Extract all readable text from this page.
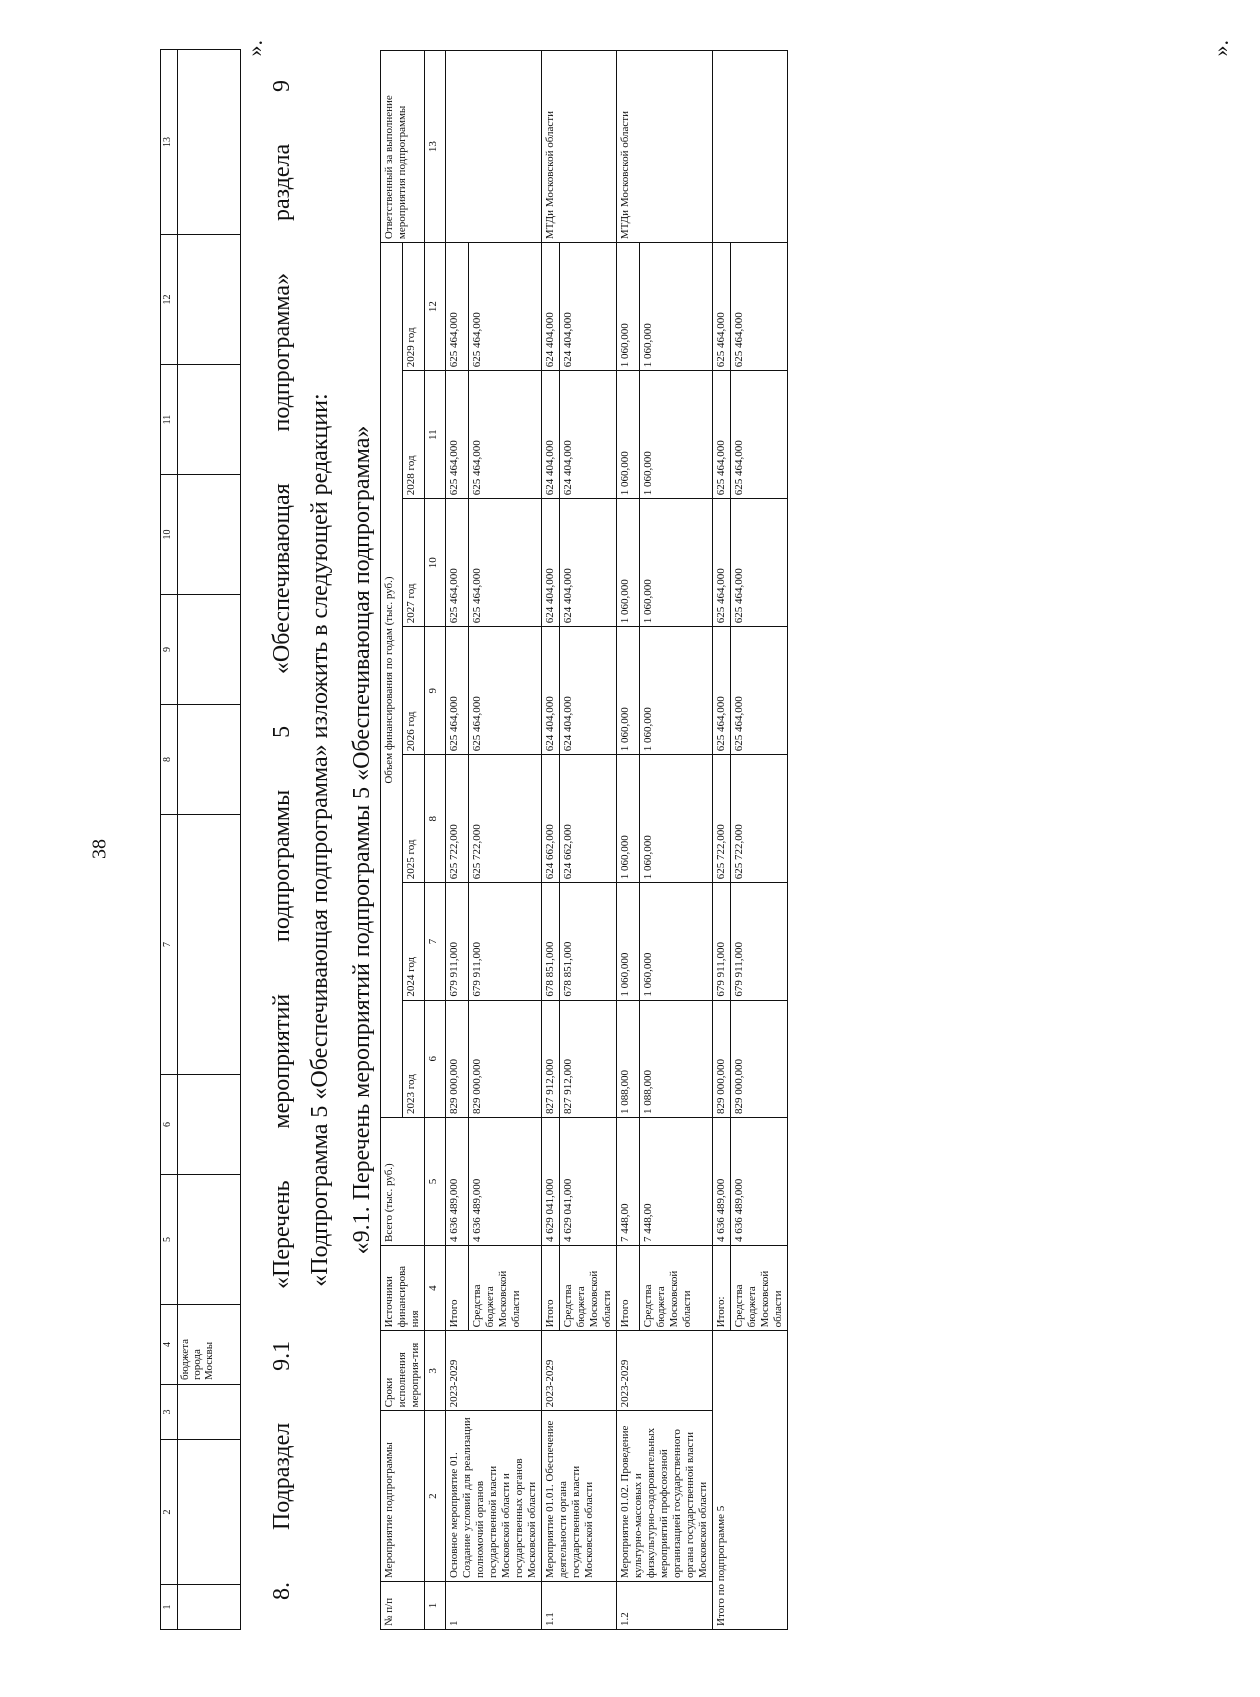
38
1	2	3	4	5	6	7	8	9	10	11	12	13
			бюджета города Москвы									
».
8. Подраздел 9.1 «Перечень мероприятий подпрограммы 5 «Обеспечивающая подпрограмма» раздела 9 «Подпрограмма 5 «Обеспечивающая подпрограмма» изложить в следующей редакции: «9.1. Перечень мероприятий подпрограммы 5 «Обеспечивающая подпрограмма»
№ п/п	Мероприятие подпрограммы	Сроки исполнения мероприя-тия	Источники финансирова ния	Всего (тыс. руб.)	Объем финансирования по годам (тыс. руб.)							Ответственный за выполнение мероприятия подпрограммы
					2023 год	2024 год	2025 год	2026 год	2027 год	2028 год	2029 год	
1	2	3	4	5	6	7	8	9	10	11	12	13
1	Основное мероприятие 01. Создание условий для реализации полномочий органов государственной власти Московской области и государственных органов Московской области	2023-2029	Итого	4 636 489,000	829 000,000	679 911,000	625 722,000	625 464,000	625 464,000	625 464,000	625 464,000	
			Средства бюджета Московской области	4 636 489,000	829 000,000	679 911,000	625 722,000	625 464,000	625 464,000	625 464,000	625 464,000	
1.1	Мероприятие 01.01. Обеспечение деятельности органа государственной власти Московской области	2023-2029	Итого	4 629 041,000	827 912,000	678 851,000	624 662,000	624 404,000	624 404,000	624 404,000	624 404,000	МТДи Московской области
			Средства бюджета Московской области	4 629 041,000	827 912,000	678 851,000	624 662,000	624 404,000	624 404,000	624 404,000	624 404,000	
1.2	Мероприятие 01.02. Проведение культурно-массовых и физкультурно-оздоровительных мероприятий профсоюзной организацией государственного органа государственной власти Московской области	2023-2029	Итого	7 448,00	1 088,000	1 060,000	1 060,000	1 060,000	1 060,000	1 060,000	1 060,000	МТДи Московской области
			Средства бюджета Московской области	7 448,00	1 088,000	1 060,000	1 060,000	1 060,000	1 060,000	1 060,000	1 060,000	
Итого по подпрограмме 5			Итого:	4 636 489,000	829 000,000	679 911,000	625 722,000	625 464,000	625 464,000	625 464,000	625 464,000	
			Средства бюджета Московской области	4 636 489,000	829 000,000	679 911,000	625 722,000	625 464,000	625 464,000	625 464,000	625 464,000	
».
